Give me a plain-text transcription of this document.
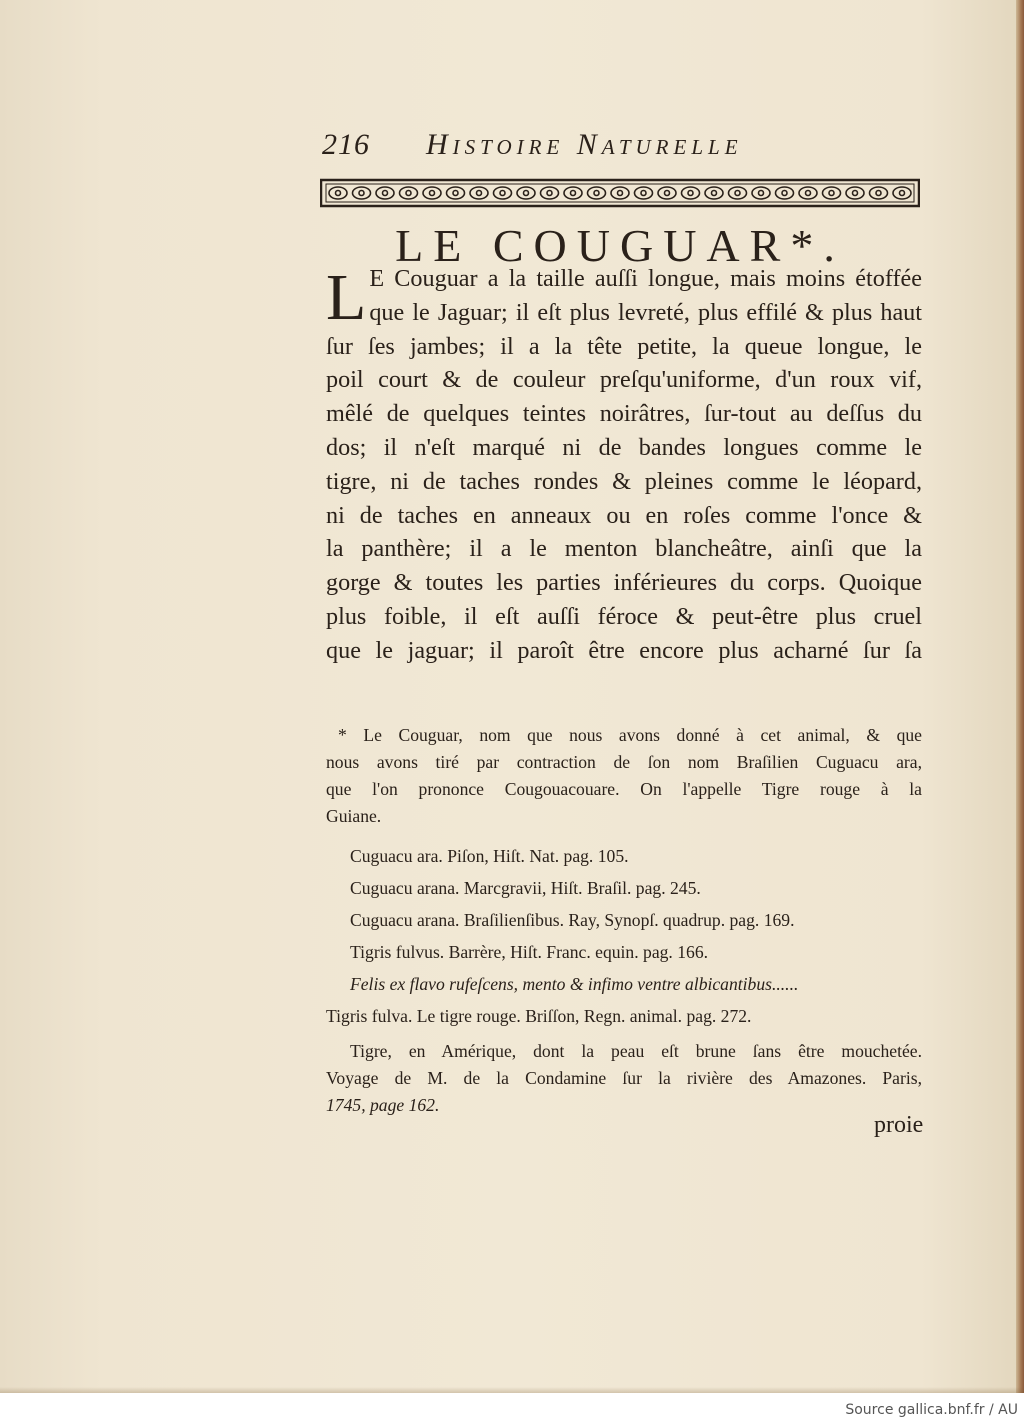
216 Histoire Naturelle
LE COUGUAR*.
L E Couguar a la taille auſſi longue, mais moins étoffée
que le Jaguar; il eſt plus levreté, plus effilé & plus haut
ſur ſes jambes; il a la tête petite, la queue longue, le
poil court & de couleur preſqu'uniforme, d'un roux vif,
mêlé de quelques teintes noirâtres, ſur-tout au deſſus du
dos; il n'eſt marqué ni de bandes longues comme le
tigre, ni de taches rondes & pleines comme le léopard,
ni de taches en anneaux ou en roſes comme l'once &
la panthère; il a le menton blancheâtre, ainſi que la
gorge & toutes les parties inférieures du corps. Quoique
plus foible, il eſt auſſi féroce & peut-être plus cruel
que le jaguar; il paroît être encore plus acharné ſur ſa
* Le Couguar, nom que nous avons donné à cet animal, & que
nous avons tiré par contraction de ſon nom Braſilien Cuguacu ara,
que l'on prononce Cougouacouare. On l'appelle Tigre rouge à la
Guiane.
Cuguacu ara. Piſon, Hiſt. Nat. pag. 105.
Cuguacu arana. Marcgravii, Hiſt. Braſil. pag. 245.
Cuguacu arana. Braſilienſibus. Ray, Synopſ. quadrup. pag. 169.
Tigris fulvus. Barrère, Hiſt. Franc. equin. pag. 166.
Felis ex flavo rufeſcens, mento & infimo ventre albicantibus......
Tigris fulva. Le tigre rouge. Briſſon, Regn. animal. pag. 272.
Tigre, en Amérique, dont la peau eſt brune ſans être mouchetée.
Voyage de M. de la Condamine ſur la rivière des Amazones. Paris,
1745, page 162.
proie
Source gallica.bnf.fr / AU
